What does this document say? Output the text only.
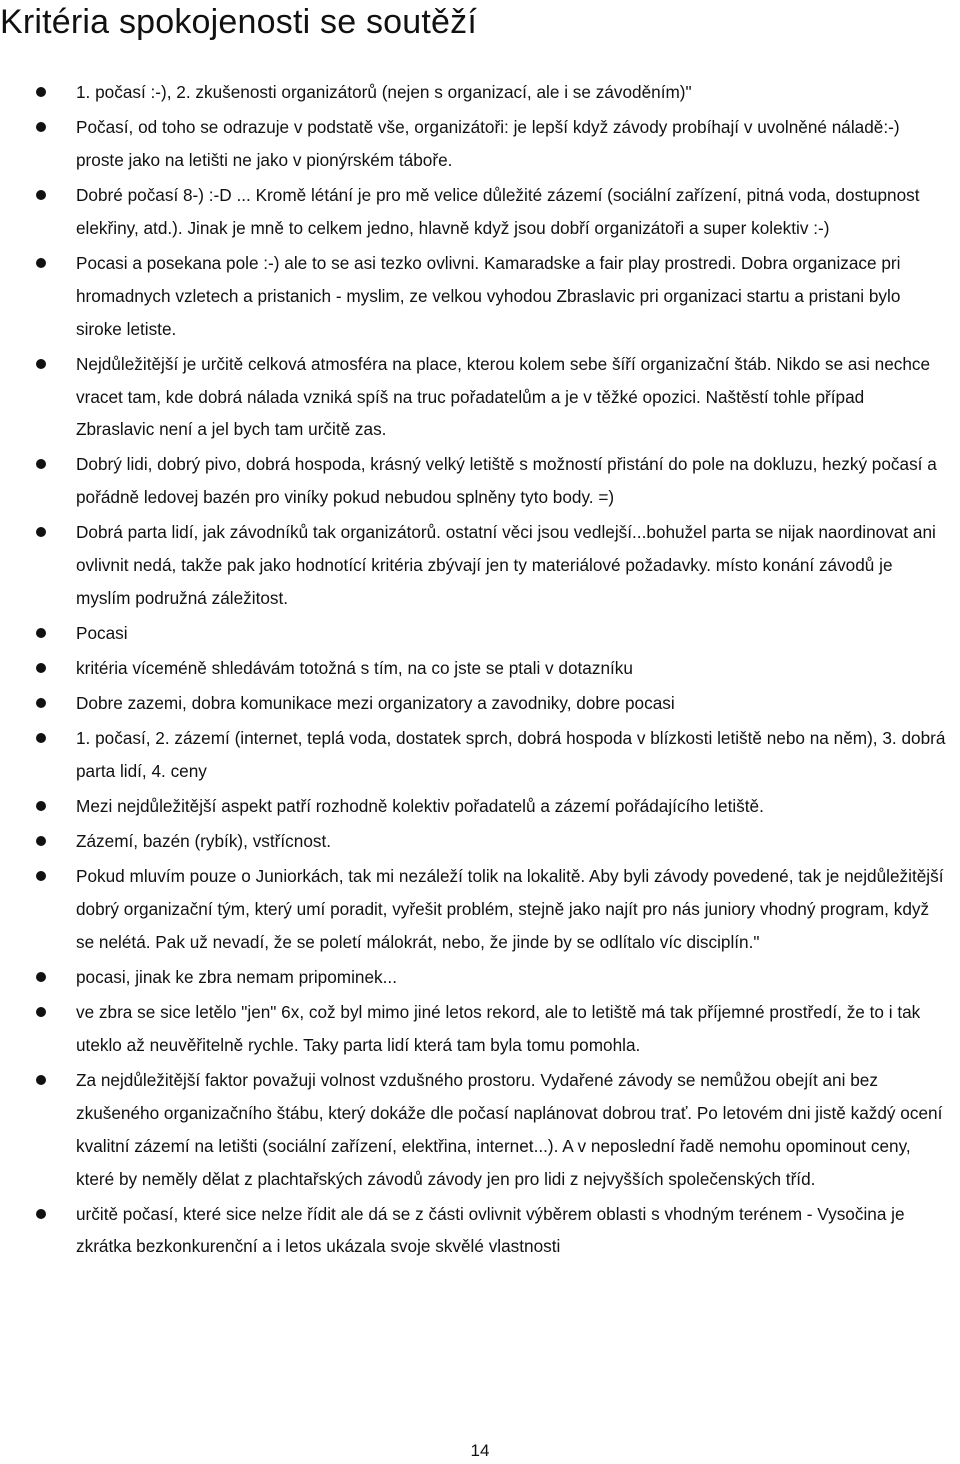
Kritéria spokojenosti se soutěží
1. počasí :-), 2. zkušenosti organizátorů (nejen s organizací, ale i se závoděním)"
Počasí, od toho se odrazuje v podstatě vše, organizátoři: je lepší když závody probíhají v uvolněné náladě:-) proste jako na letišti ne jako v pionýrském táboře.
Dobré počasí 8-) :-D ... Kromě létání je pro mě velice důležité zázemí (sociální zařízení, pitná voda, dostupnost elekřiny, atd.). Jinak je mně to celkem jedno, hlavně když jsou dobří organizátoři a super kolektiv :-)
Pocasi a posekana pole :-) ale to se asi tezko ovlivni. Kamaradske a fair play prostredi. Dobra organizace pri hromadnych vzletech a pristanich - myslim, ze velkou vyhodou Zbraslavic pri organizaci startu a pristani bylo siroke letiste.
Nejdůležitější je určitě celková atmosféra na place, kterou kolem sebe šíří organizační štáb. Nikdo se asi nechce vracet tam, kde dobrá nálada vzniká spíš na truc pořadatelům a je v těžké opozici. Naštěstí tohle případ Zbraslavic není a jel bych tam určitě zas.
Dobrý lidi, dobrý pivo, dobrá hospoda, krásný velký letiště s možností přistání do pole na dokluzu, hezký počasí a pořádně ledovej bazén pro viníky pokud nebudou splněny tyto body. =)
Dobrá parta lidí, jak závodníků tak organizátorů. ostatní věci jsou vedlejší...bohužel parta se nijak naordinovat ani ovlivnit nedá, takže pak jako hodnotící kritéria zbývají jen ty materiálové požadavky. místo konání závodů je myslím podružná záležitost.
Pocasi
kritéria víceméně shledávám totožná s tím, na co jste se ptali v dotazníku
Dobre zazemi, dobra komunikace mezi organizatory a zavodniky, dobre pocasi
1. počasí, 2. zázemí (internet, teplá voda, dostatek sprch, dobrá hospoda v blízkosti letiště nebo na něm), 3. dobrá parta lidí, 4. ceny
Mezi nejdůležitější aspekt patří rozhodně kolektiv pořadatelů a zázemí pořádajícího letiště.
Zázemí, bazén (rybík), vstřícnost.
Pokud mluvím pouze o Juniorkách, tak mi nezáleží tolik na lokalitě. Aby byli závody povedené, tak je nejdůležitější dobrý organizační tým, který umí poradit, vyřešit problém, stejně jako najít pro nás juniory vhodný program, když se nelétá. Pak už nevadí, že se poletí málokrát, nebo, že jinde by se odlítalo víc disciplín."
pocasi, jinak ke zbra nemam pripominek...
ve zbra se sice letělo "jen" 6x, což byl mimo jiné letos rekord, ale to letiště má tak příjemné prostředí, že to i tak uteklo až neuvěřitelně rychle. Taky parta lidí která tam byla tomu pomohla.
Za nejdůležitější faktor považuji volnost vzdušného prostoru. Vydařené závody se nemůžou obejít ani bez zkušeného organizačního štábu, který dokáže dle počasí naplánovat dobrou trať. Po letovém dni jistě každý ocení kvalitní zázemí na letišti (sociální zařízení, elektřina, internet...). A v neposlední řadě nemohu opominout ceny, které by neměly dělat z plachtařských závodů závody jen pro lidi z nejvyšších společenských tříd.
určitě počasí, které sice nelze řídit ale dá se z části ovlivnit výběrem oblasti s vhodným terénem - Vysočina je zkrátka bezkonkurenční a i letos ukázala svoje skvělé vlastnosti
14
